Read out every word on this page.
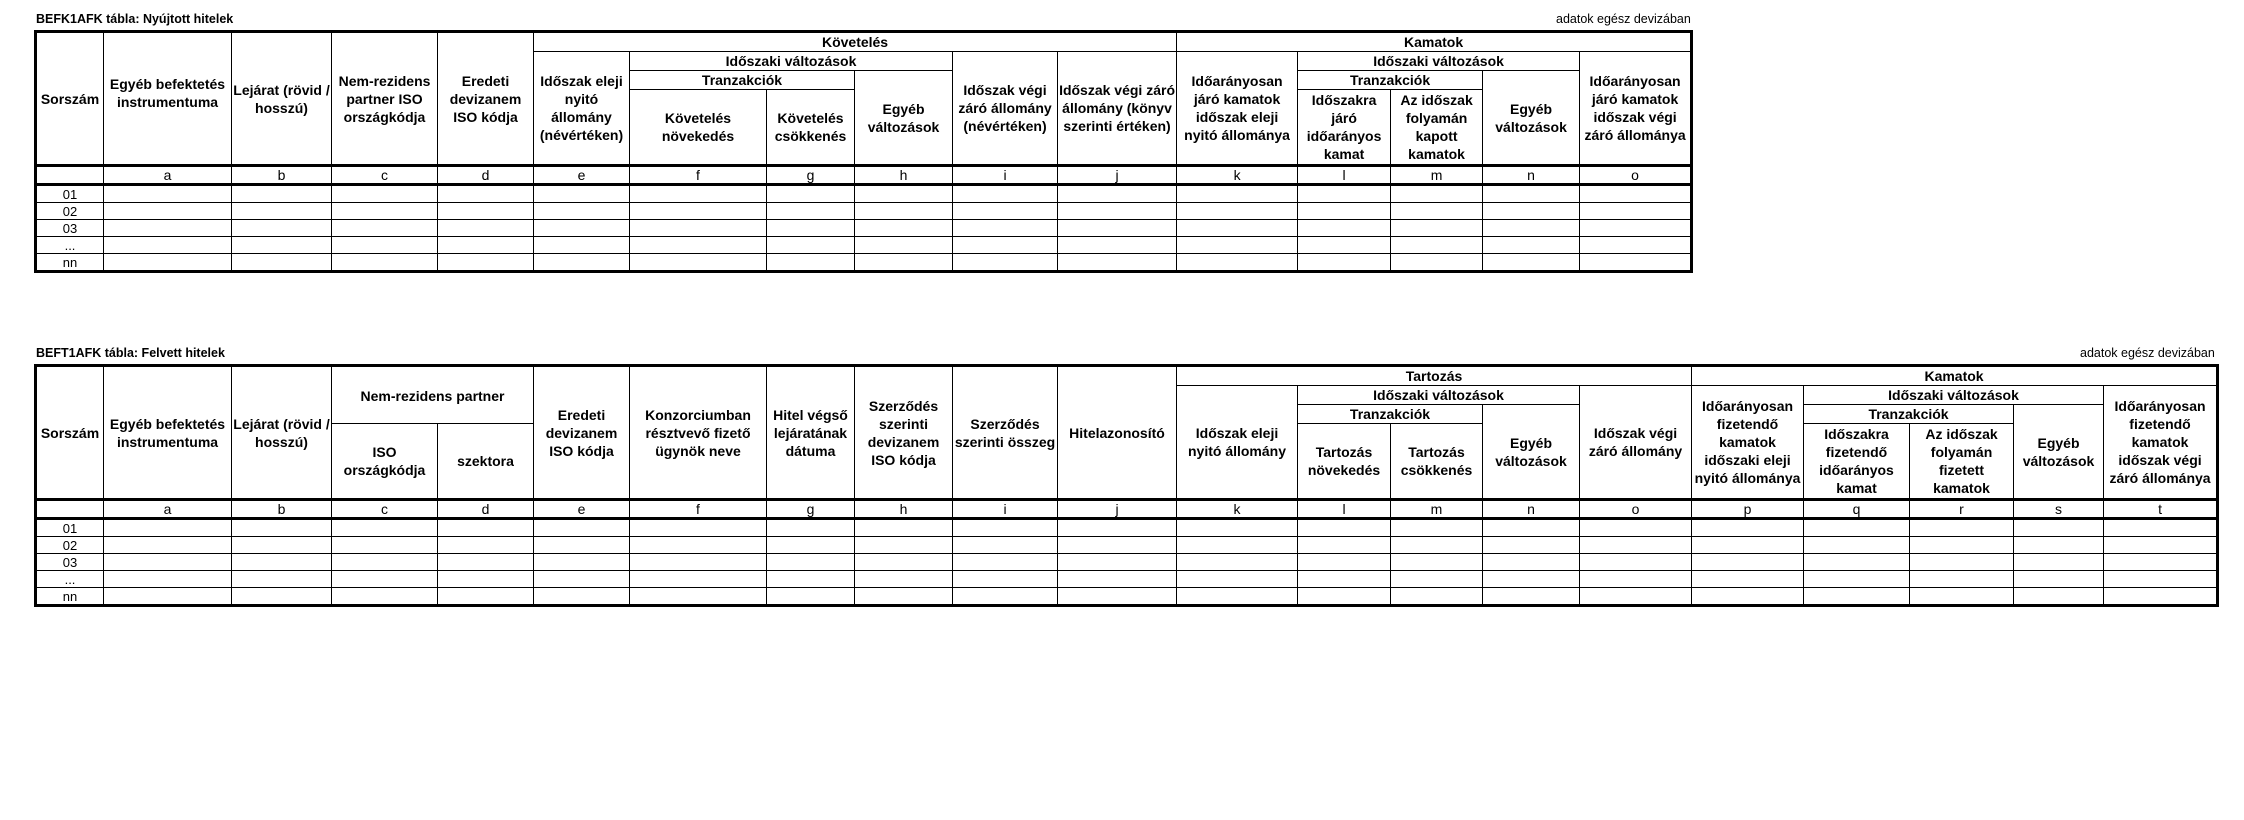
BEFK1AFK tábla: Nyújtott hitelek	adatok egész devizában
Sorszám	Egyéb befektetés instrumentuma	Lejárat (rövid / hosszú)	Nem-rezidens partner ISO országkódja	Eredeti devizanem ISO kódja	Követelés						Kamatok				
					Időszak eleji nyitó állomány (névértéken)	Időszaki változások			Időszak végi záró állomány (névértéken)	Időszak végi záró állomány (könyv szerinti értéken)	Időarányosan járó kamatok időszak eleji nyitó állománya	Időszaki változások			Időarányosan járó kamatok időszak végi záró állománya
						Tranzakciók		Egyéb változások				Tranzakciók		Egyéb változások	
						Követelés növekedés	Követelés csökkenés					Időszakra járó időarányos kamat	Az időszak folyamán kapott kamatok		
	a	b	c	d	e	f	g	h	i	j	k	l	m	n	o
01															
02															
03															
...															
nn															
BEFT1AFK tábla: Felvett hitelek	adatok egész devizában
Sorszám	Egyéb befektetés instrumentuma	Lejárat (rövid / hosszú)	Nem-rezidens partner		Eredeti devizanem ISO kódja	Konzorciumban résztvevő fizető ügynök neve	Hitel végső lejáratának dátuma	Szerződés szerinti devizanem ISO kódja	Szerződés szerinti összeg	Hitelazonosító	Tartozás					Kamatok				
											Időszak eleji nyitó állomány	Időszaki változások			Időszak végi záró állomány	Időarányosan fizetendő kamatok időszaki eleji nyitó állománya	Időszaki változások			Időarányosan fizetendő kamatok időszak végi záró állománya
												Tranzakciók		Egyéb változások			Tranzakciók		Egyéb változások	
			ISO országkódja	szektora								Tartozás növekedés	Tartozás csökkenés				Időszakra fizetendő időarányos kamat	Az időszak folyamán fizetett kamatok		

	a	b	c	d	e	f	g	h	i	j	k	l	m	n	o	p	q	r	s	t
01																				
02																				
03																				
...																				
nn																				
